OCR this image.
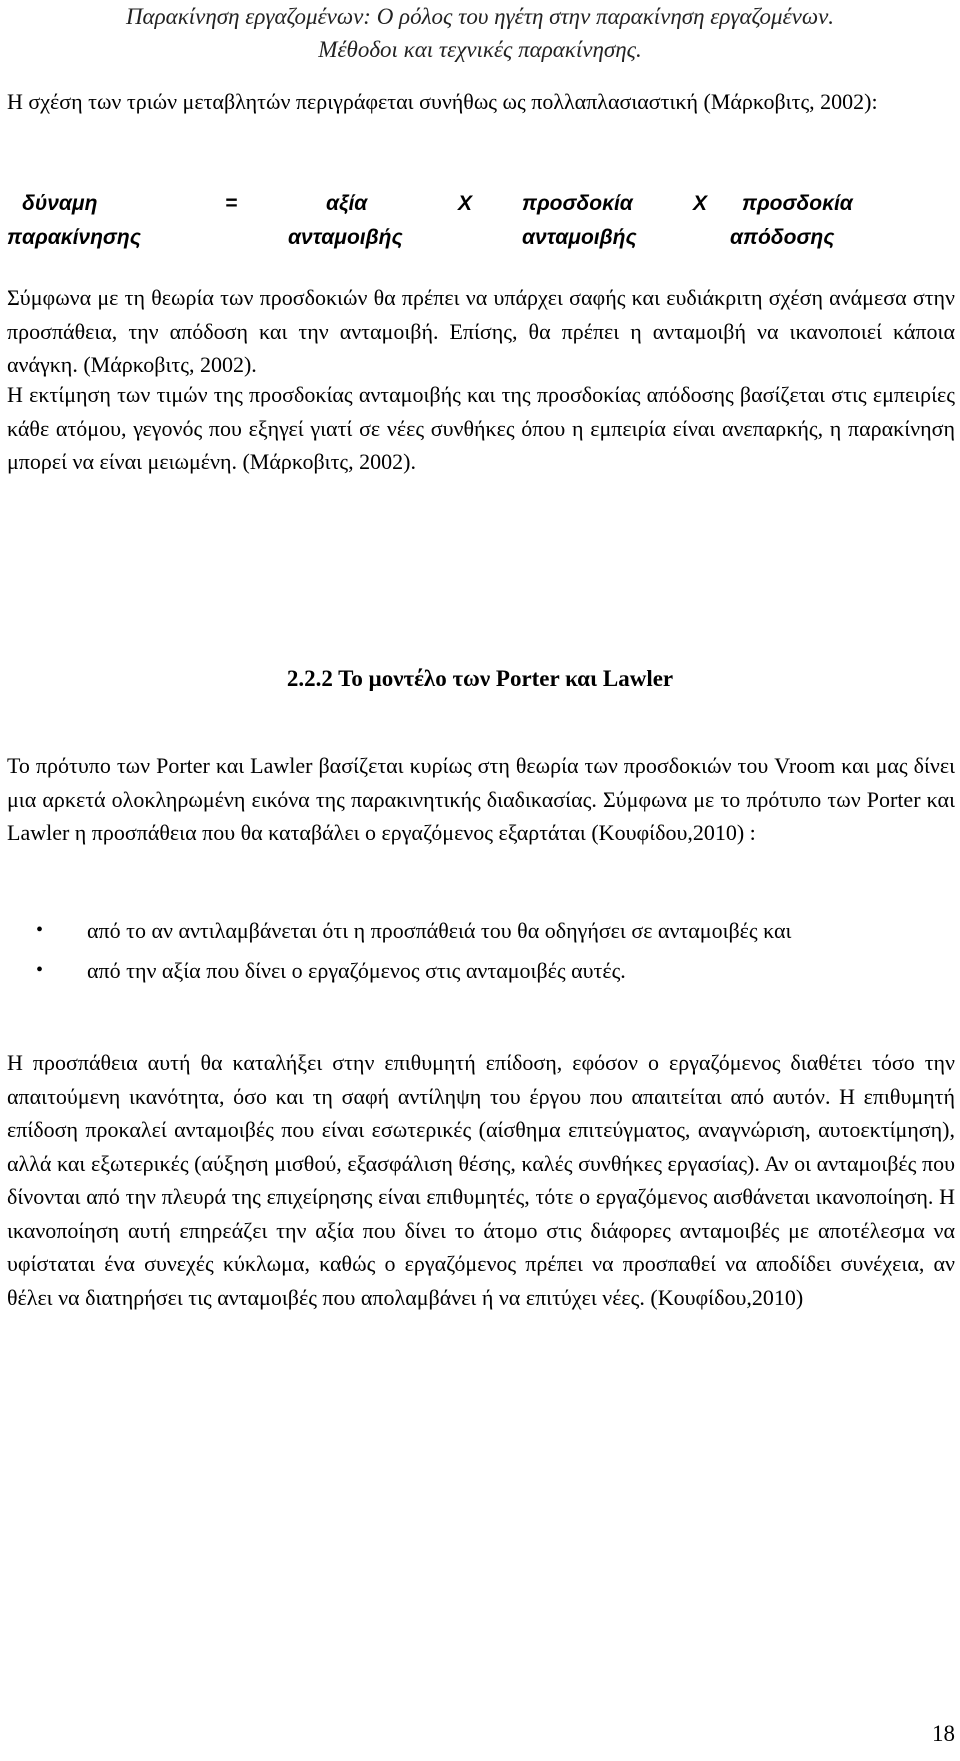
Παρακίνηση εργαζομένων: Ο ρόλος του ηγέτη στην παρακίνηση εργαζομένων.
Μέθοδοι και τεχνικές παρακίνησης.

Η σχέση των τριών μεταβλητών περιγράφεται συνήθως ως πολλαπλασιαστική (Μάρκοβιτς, 2002):

δύναμη
παρακίνησης
=	αξία
ανταμοιβής
Χ προσδοκία
ανταμοιβής
Χ	προσδοκία
απόδοσης

Σύμφωνα με τη θεωρία των προσδοκιών θα πρέπει να υπάρχει σαφής και ευδιάκριτη σχέση ανάμεσα στην προσπάθεια, την απόδοση και την ανταμοιβή. Επίσης, θα πρέπει η ανταμοιβή να ικανοποιεί κάποια ανάγκη. (Μάρκοβιτς, 2002).

Η εκτίμηση των τιμών της προσδοκίας ανταμοιβής και της προσδοκίας απόδοσης βασίζεται στις εμπειρίες κάθε ατόμου, γεγονός που εξηγεί γιατί σε νέες συνθήκες όπου η εμπειρία είναι ανεπαρκής, η παρακίνηση μπορεί να είναι μειωμένη. (Μάρκοβιτς, 2002).

2.2.2 Το μοντέλο των Porter και Lawler

Το πρότυπο των Porter και Lawler βασίζεται κυρίως στη θεωρία των προσδοκιών του Vroom και μας δίνει μια αρκετά ολοκληρωμένη εικόνα της παρακινητικής διαδικασίας. Σύμφωνα με το πρότυπο των Porter και Lawler η προσπάθεια που θα καταβάλει ο εργαζόμενος εξαρτάται (Κουφίδου,2010) :

• από το αν αντιλαμβάνεται ότι η προσπάθειά του θα οδηγήσει σε ανταμοιβές και
• από την αξία που δίνει ο εργαζόμενος στις ανταμοιβές αυτές.

Η προσπάθεια αυτή θα καταλήξει στην επιθυμητή επίδοση, εφόσον ο εργαζόμενος διαθέτει τόσο την απαιτούμενη ικανότητα, όσο και τη σαφή αντίληψη του έργου που απαιτείται από αυτόν. Η επιθυμητή επίδοση προκαλεί ανταμοιβές που είναι εσωτερικές (αίσθημα επιτεύγματος, αναγνώριση, αυτοεκτίμηση), αλλά και εξωτερικές (αύξηση μισθού, εξασφάλιση θέσης, καλές συνθήκες εργασίας). Αν οι ανταμοιβές που δίνονται από την πλευρά της επιχείρησης είναι επιθυμητές, τότε ο εργαζόμενος αισθάνεται ικανοποίηση. Η ικανοποίηση αυτή επηρεάζει την αξία που δίνει το άτομο στις διάφορες ανταμοιβές με αποτέλεσμα να υφίσταται ένα συνεχές κύκλωμα, καθώς ο εργαζόμενος πρέπει να προσπαθεί να αποδίδει συνέχεια, αν θέλει να διατηρήσει τις ανταμοιβές που απολαμβάνει ή να επιτύχει νέες. (Κουφίδου,2010)

18
